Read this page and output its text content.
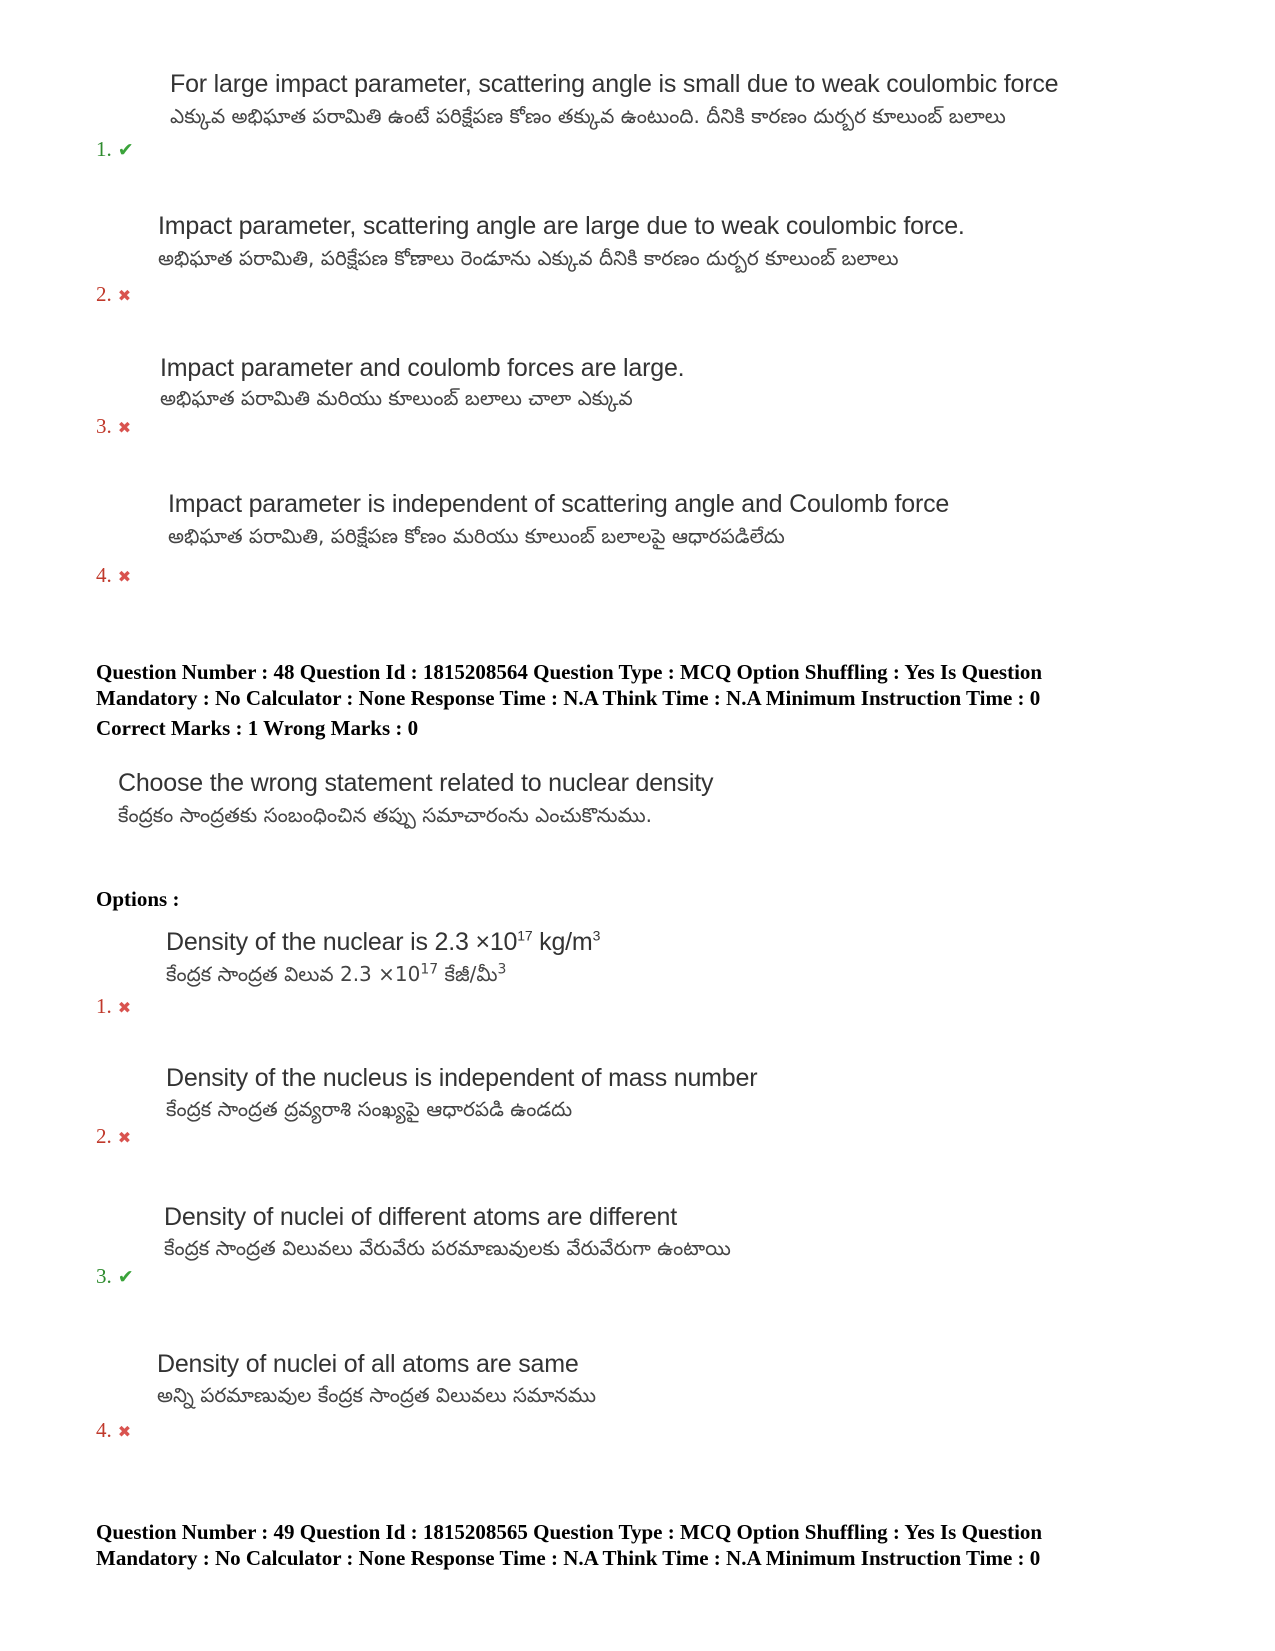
For large impact parameter, scattering angle is small due to weak coulombic force
ఎక్కువ అభిఘాత పరామితి ఉంటే పరిక్షేపణ కోణం తక్కువ ఉంటుంది. దీనికి కారణం దుర్బర కూలుంబ్ బలాలు
1. ✔
Impact parameter, scattering angle are large due to weak coulombic force.
అభిఘాత పరామితి, పరిక్షేపణ కోణాలు రెండూను ఎక్కువ దీనికి కారణం దుర్బర కూలుంబ్ బలాలు
2. ✖
Impact parameter and coulomb forces are large.
అభిఘాత పరామితి మరియు కూలుంబ్ బలాలు చాలా ఎక్కువ
3. ✖
Impact parameter is independent of scattering angle and Coulomb force
అభిఘాత పరామితి, పరిక్షేపణ కోణం మరియు కూలుంబ్ బలాలపై ఆధారపడిలేదు
4. ✖
Question Number : 48 Question Id : 1815208564 Question Type : MCQ Option Shuffling : Yes Is Question
Mandatory : No Calculator : None Response Time : N.A Think Time : N.A Minimum Instruction Time : 0
Correct Marks : 1 Wrong Marks : 0
Choose the wrong statement related to nuclear density
కేంద్రకం సాంద్రతకు సంబంధించిన తప్పు సమాచారంను ఎంచుకొనుము.
Options :
Density of the nuclear is $2.3 \times 10^{17}$ $kg/m^3$
కేంద్రక సాంద్రత విలువ $2.3 \times 10^{17}$ కేజీ/మీ$^3$
1. ✖
Density of the nucleus is independent of mass number
కేంద్రక సాంద్రత ద్రవ్యరాశి సంఖ్యపై ఆధారపడి ఉండదు
2. ✖
Density of nuclei of different atoms are different
కేంద్రక సాంద్రత విలువలు వేరువేరు పరమాణువులకు వేరువేరుగా ఉంటాయి
3. ✔
Density of nuclei of all atoms are same
అన్ని పరమాణువుల కేంద్రక సాంద్రత విలువలు సమానము
4. ✖
Question Number : 49 Question Id : 1815208565 Question Type : MCQ Option Shuffling : Yes Is Question
Mandatory : No Calculator : None Response Time : N.A Think Time : N.A Minimum Instruction Time : 0
